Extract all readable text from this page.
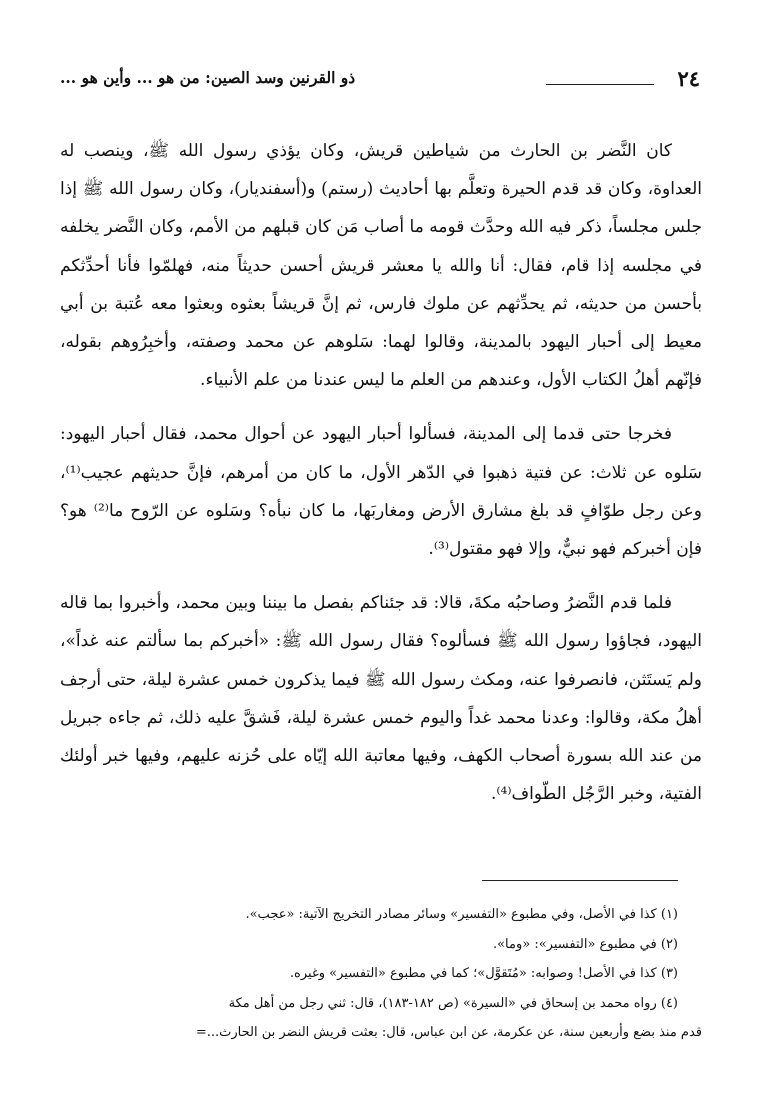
٢٤
ذو القرنين وسد الصين: من هو ... وأين هو ...

كان النَّضر بن الحارث من شياطين قريش، وكان يؤذي رسول الله ﷺ، وينصب له العداوة، وكان قد قدم الحيرة وتعلَّم بها أحاديث (رستم) و(أسفنديار)، وكان رسول الله ﷺ إذا جلس مجلساً، ذكر فيه الله وحدَّث قومه ما أصاب مَن كان قبلهم من الأمم، وكان النَّضر يخلفه في مجلسه إذا قام، فقال: أنا والله يا معشر قريش أحسن حديثاً منه، فهلمّوا فأنا أحدِّثكم بأحسن من حديثه، ثم يحدِّثهم عن ملوك فارس، ثم إنَّ قريشاً بعثوه وبعثوا معه عُتبة بن أبي معيط إلى أحبار اليهود بالمدينة، وقالوا لهما: سَلوهم عن محمد وصفته، وأخبِرُوهم بقوله، فإنّهم أهلُ الكتاب الأول، وعندهم من العلم ما ليس عندنا من علم الأنبياء.

فخرجا حتى قدما إلى المدينة، فسألوا أحبار اليهود عن أحوال محمد، فقال أحبار اليهود: سَلوه عن ثلاث: عن فتية ذهبوا في الدّهر الأول، ما كان من أمرهم، فإنَّ حديثهم عجيب⁽¹⁾، وعن رجل طوّافٍ قد بلغ مشارق الأرض ومغاربَها، ما كان نبأه؟ وسَلوه عن الرّوح ما⁽²⁾ هو؟ فإن أخبركم فهو نبيٌّ، وإلا فهو مقتول⁽³⁾.

فلما قدم النَّضرُ وصاحبُه مكةَ، قالا: قد جئناكم بفصل ما بيننا وبين محمد، وأخبروا بما قاله اليهود، فجاؤوا رسول الله ﷺ فسألوه؟ فقال رسول الله ﷺ: «أخبركم بما سألتم عنه غداً»، ولم يَستَثن، فانصرفوا عنه، ومكث رسول الله ﷺ فيما يذكرون خمس عشرة ليلة، حتى أرجف أهلُ مكة، وقالوا: وعدنا محمد غداً واليوم خمس عشرة ليلة، فَشقَّ عليه ذلك، ثم جاءه جبريل من عند الله بسورة أصحاب الكهف، وفيها معاتبة الله إيّاه على حُزنه عليهم، وفيها خبر أولئك الفتية، وخبر الرَّجُل الطّواف⁽⁴⁾.

(١) كذا في الأصل، وفي مطبوع «التفسير» وسائر مصادر التخريج الآتية: «عجب».

(٢) في مطبوع «التفسير»: «وما».

(٣) كذا في الأصل! وصوابه: «مُتَقوَّل»؛ كما في مطبوع «التفسير» وغيره.

(٤) رواه محمد بن إسحاق في «السيرة» (ص ١٨٢-١٨٣)، قال: ثني رجل من أهل مكة

قدم منذ بضع وأربعين سنة، عن عكرمة، عن ابن عباس، قال: بعثت قريش النضر بن الحارث...=
